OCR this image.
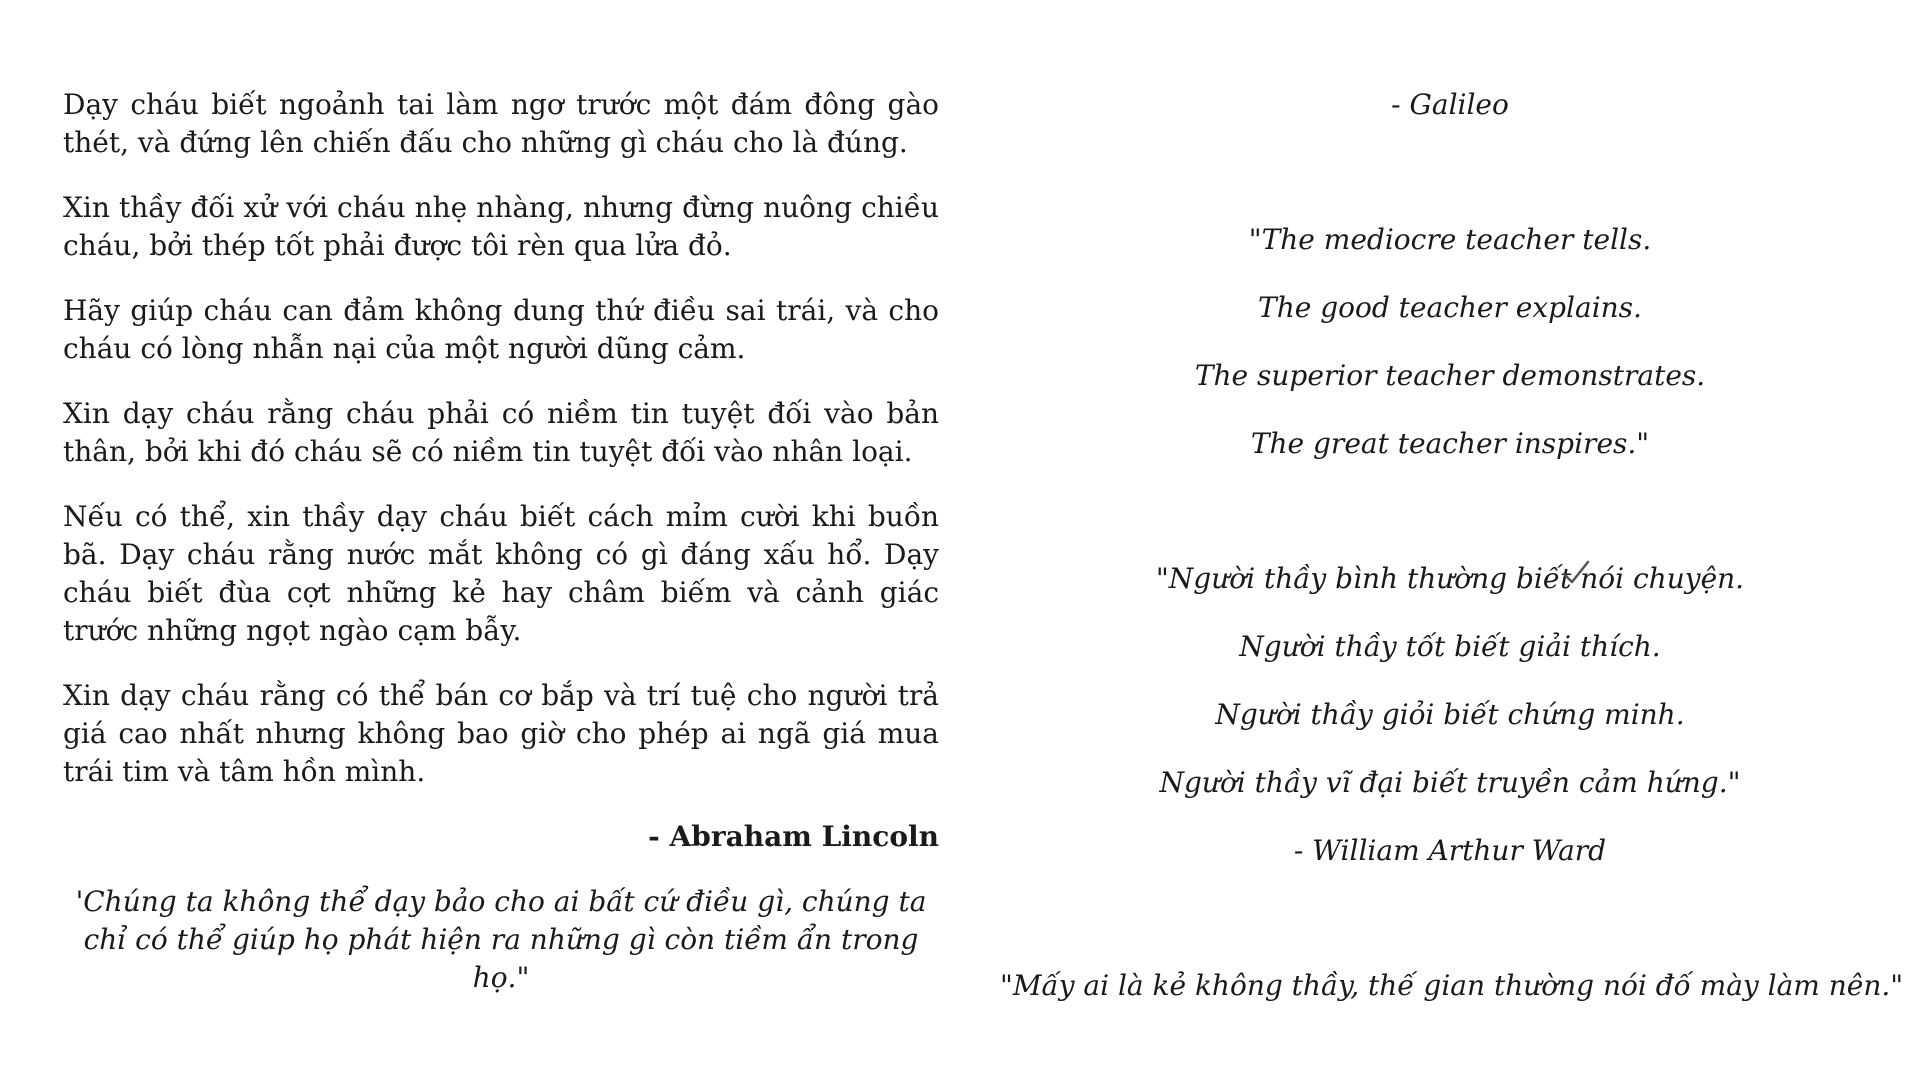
Dạy cháu biết ngoảnh tai làm ngơ trước một đám đông gào thét, và đứng lên chiến đấu cho những gì cháu cho là đúng.

Xin thầy đối xử với cháu nhẹ nhàng, nhưng đừng nuông chiều cháu, bởi thép tốt phải được tôi rèn qua lửa đỏ.

Hãy giúp cháu can đảm không dung thứ điều sai trái, và cho cháu có lòng nhẫn nại của một người dũng cảm.

Xin dạy cháu rằng cháu phải có niềm tin tuyệt đối vào bản thân, bởi khi đó cháu sẽ có niềm tin tuyệt đối vào nhân loại.

Nếu có thể, xin thầy dạy cháu biết cách mỉm cười khi buồn bã. Dạy cháu rằng nước mắt không có gì đáng xấu hổ. Dạy cháu biết đùa cợt những kẻ hay châm biếm và cảnh giác trước những ngọt ngào cạm bẫy.

Xin dạy cháu rằng có thể bán cơ bắp và trí tuệ cho người trả giá cao nhất nhưng không bao giờ cho phép ai ngã giá mua trái tim và tâm hồn mình.

- Abraham Lincoln

'Chúng ta không thể dạy bảo cho ai bất cứ điều gì, chúng ta chỉ có thể giúp họ phát hiện ra những gì còn tiềm ẩn trong họ."

- Galileo

"The mediocre teacher tells.

The good teacher explains.

The superior teacher demonstrates.

The great teacher inspires."

"Người thầy bình thường biết nói chuyện.

Người thầy tốt biết giải thích.

Người thầy giỏi biết chứng minh.

Người thầy vĩ đại biết truyền cảm hứng."

- William Arthur Ward

"Mấy ai là kẻ không thầy, thế gian thường nói đố mày làm nên."
